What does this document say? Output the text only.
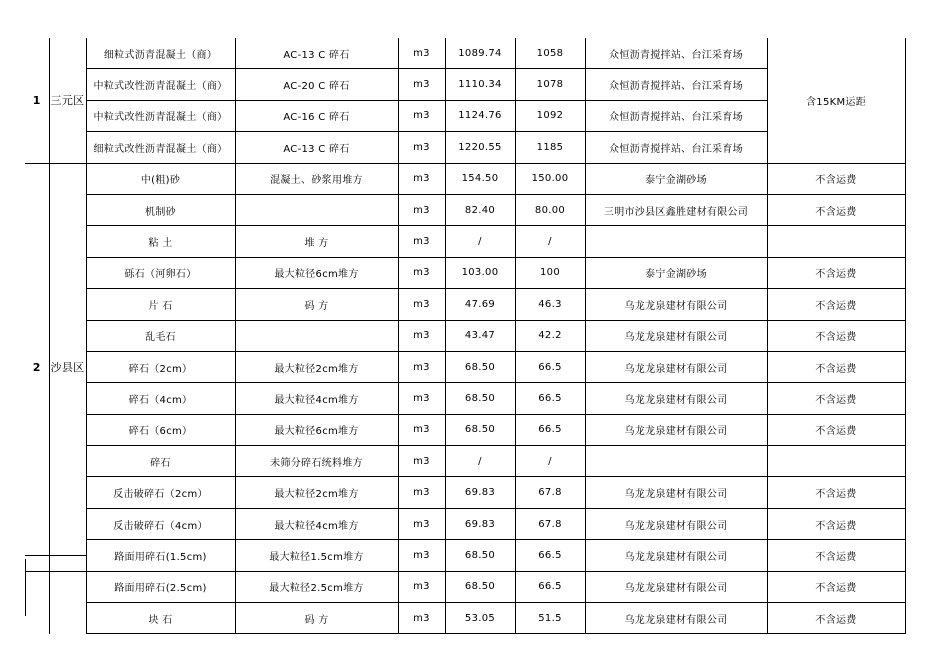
1	三元区	细粒式沥青混凝土（商）	AC-13 C 碎石	m3	1089.74	1058	众恒沥青搅拌站、台江采育场	含15KM运距
		中粒式改性沥青混凝土（商）	AC-20 C 碎石	m3	1110.34	1078	众恒沥青搅拌站、台江采育场	
		中粒式改性沥青混凝土（商）	AC-16 C 碎石	m3	1124.76	1092	众恒沥青搅拌站、台江采育场	
		细粒式改性沥青混凝土（商）	AC-13 C 碎石	m3	1220.55	1185	众恒沥青搅拌站、台江采育场	
2	沙县区	中(粗)砂	混凝土、砂浆用堆方	m3	154.50	150.00	泰宁金湖砂场	不含运费
		机制砂		m3	82.40	80.00	三明市沙县区鑫胜建材有限公司	不含运费
		粘 土	堆 方	m3	/	/		
		砾石（河卵石）	最大粒径6cm堆方	m3	103.00	100	泰宁金湖砂场	不含运费
		片 石	码 方	m3	47.69	46.3	乌龙龙泉建材有限公司	不含运费
		乱毛石		m3	43.47	42.2	乌龙龙泉建材有限公司	不含运费
		碎石（2cm）	最大粒径2cm堆方	m3	68.50	66.5	乌龙龙泉建材有限公司	不含运费
		碎石（4cm）	最大粒径4cm堆方	m3	68.50	66.5	乌龙龙泉建材有限公司	不含运费
		碎石（6cm）	最大粒径6cm堆方	m3	68.50	66.5	乌龙龙泉建材有限公司	不含运费
		碎石	未筛分碎石统料堆方	m3	/	/		
		反击破碎石（2cm）	最大粒径2cm堆方	m3	69.83	67.8	乌龙龙泉建材有限公司	不含运费
		反击破碎石（4cm）	最大粒径4cm堆方	m3	69.83	67.8	乌龙龙泉建材有限公司	不含运费
		路面用碎石(1.5cm)	最大粒径1.5cm堆方	m3	68.50	66.5	乌龙龙泉建材有限公司	不含运费
		路面用碎石(2.5cm)	最大粒径2.5cm堆方	m3	68.50	66.5	乌龙龙泉建材有限公司	不含运费
		块 石	码 方	m3	53.05	51.5	乌龙龙泉建材有限公司	不含运费
